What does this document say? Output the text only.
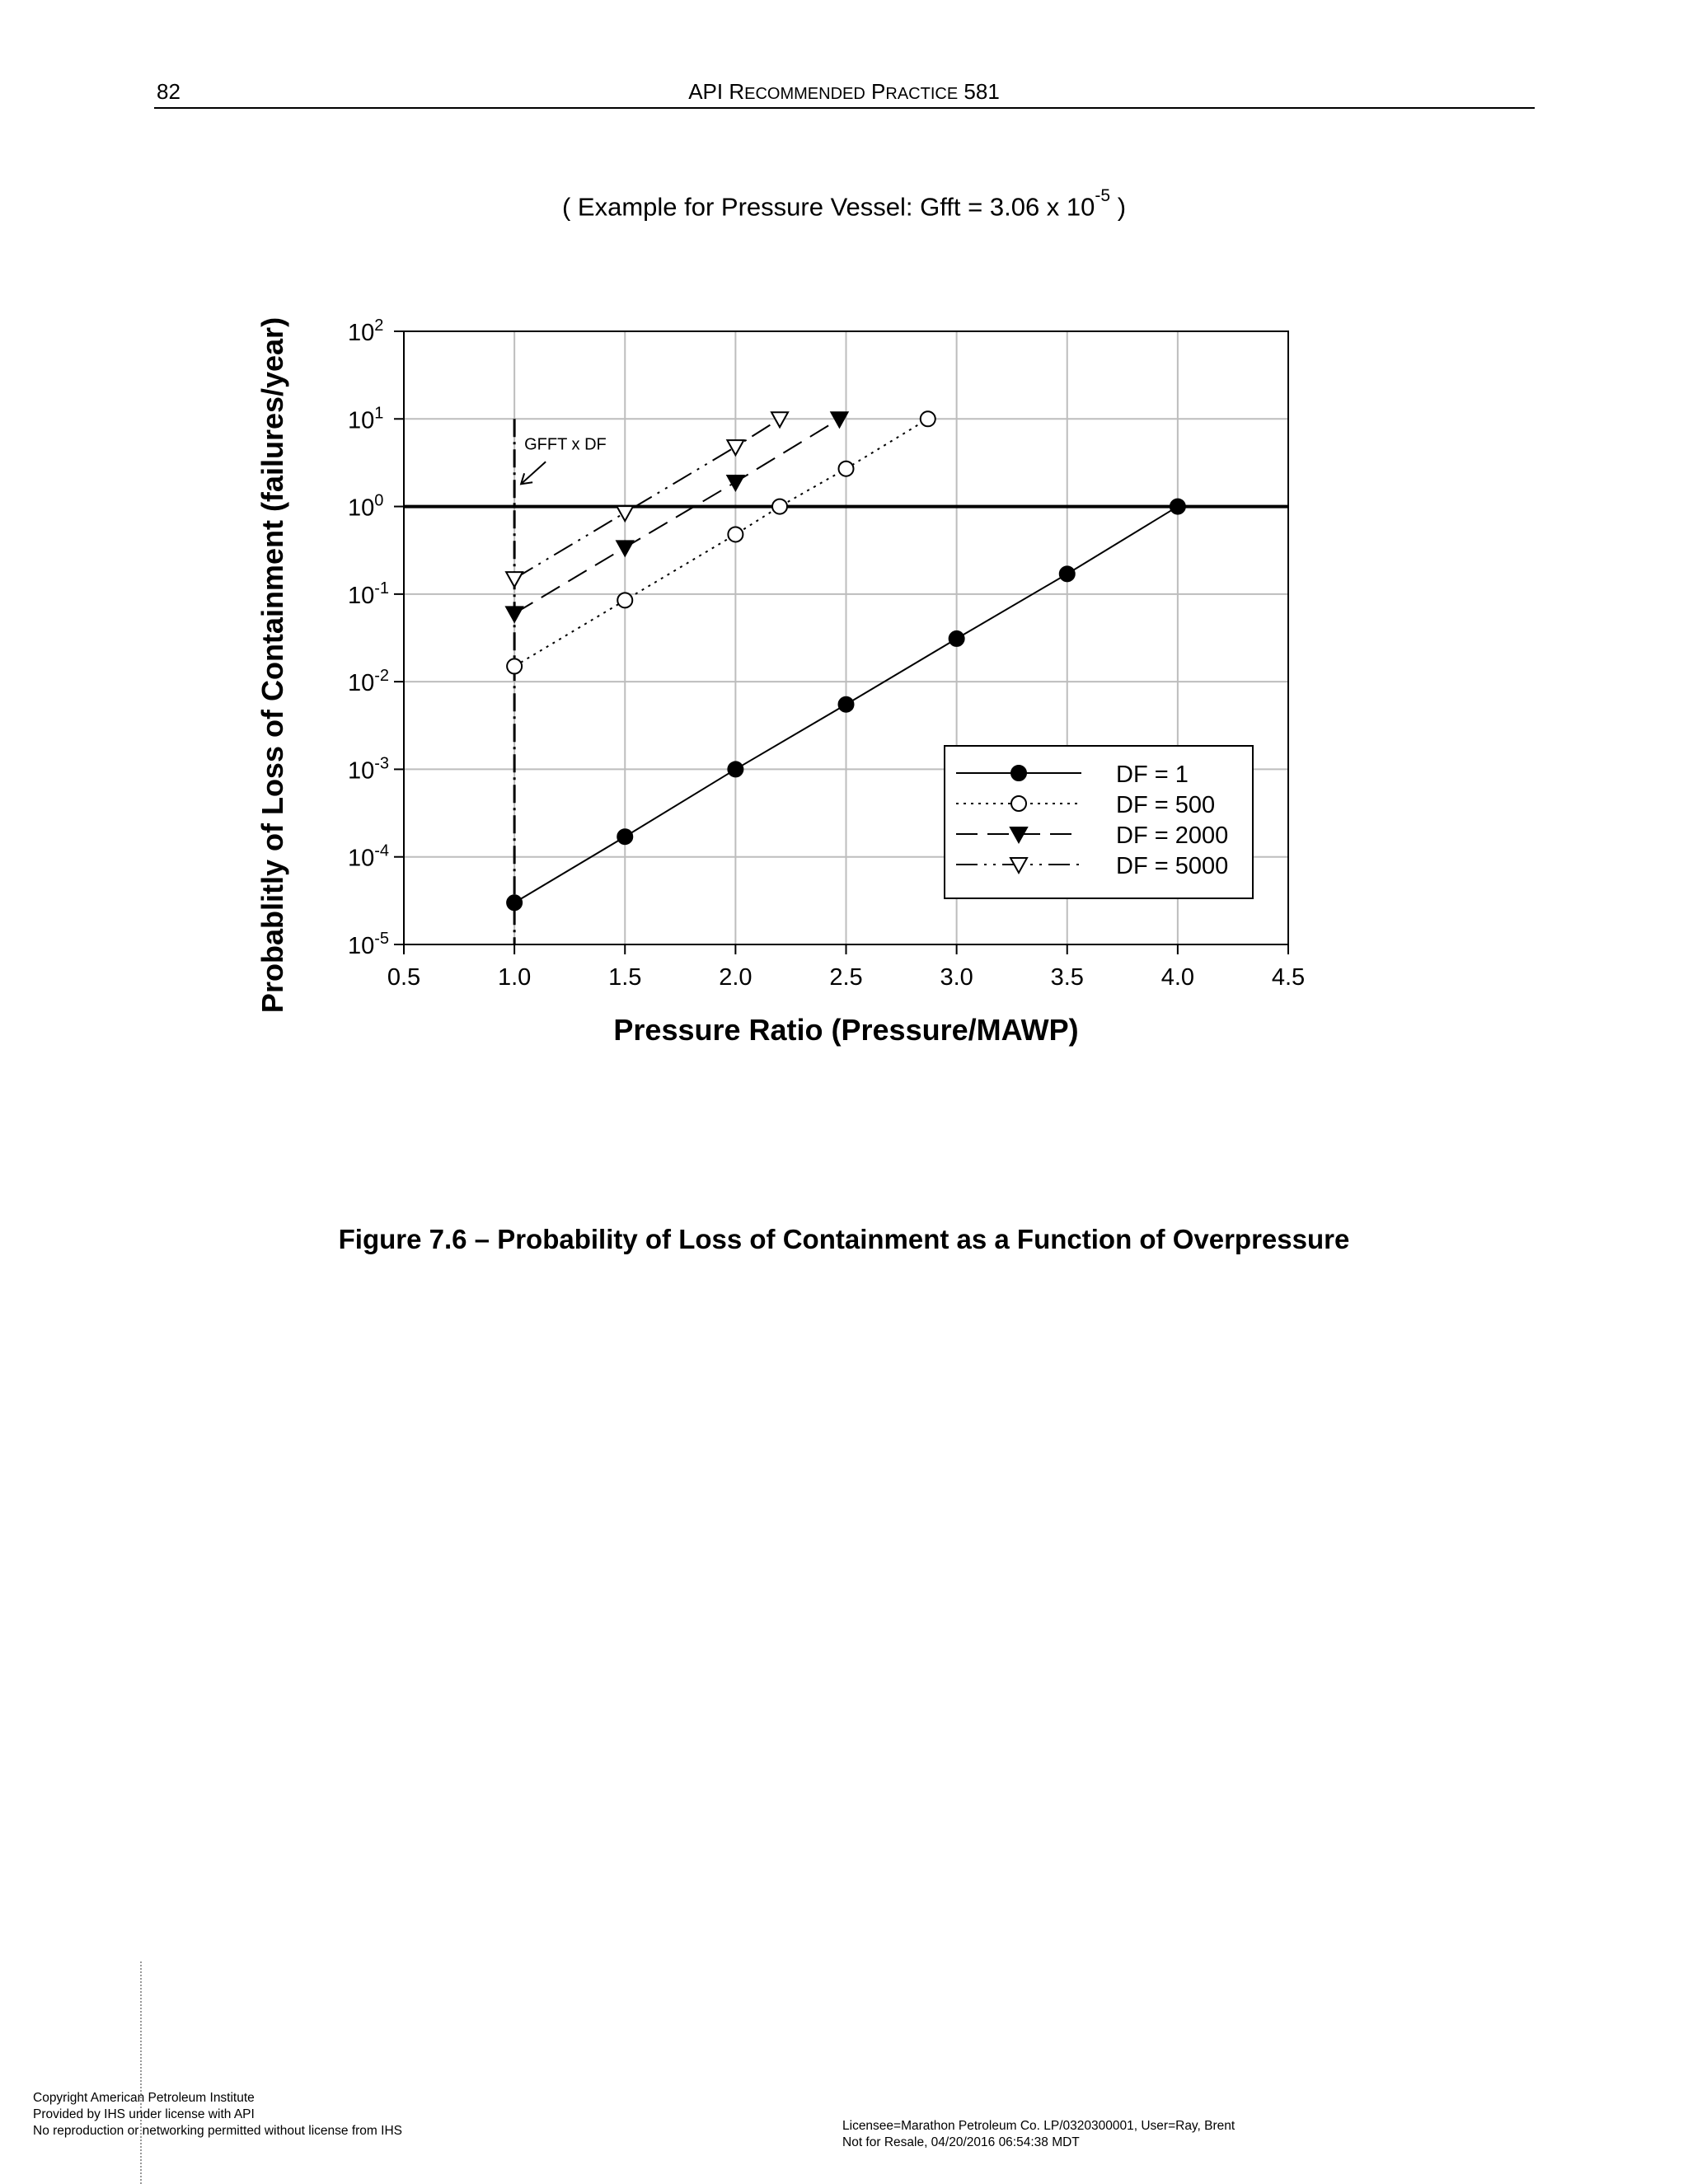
82	API RECOMMENDED PRACTICE 581
( Example for Pressure Vessel: Gfft = 3.06 x $10^{-5}$ )
0.5	1.0	1.5	2.0	2.5	3.0	3.5	4.0	4.5
$10^{-5}$
$10^{-4}$
$10^{-3}$
$10^{-2}$
$10^{-1}$
$10^0$
$10^1$
$10^2$
Pressure Ratio (Pressure/MAWP)
Probablitly of Loss of Containment (failures/year)	GFFT x DF
DF = 1
DF = 500
DF = 2000
DF = 5000
Figure 7.6 – Probability of Loss of Containment as a Function of Overpressure
Copyright American Petroleum Institute
Provided by IHS under license with API
No reproduction or networking permitted without license from IHS	Licensee=Marathon Petroleum Co. LP/0320300001, User=Ray, Brent
Not for Resale, 04/20/2016 06:54:38 MDT
